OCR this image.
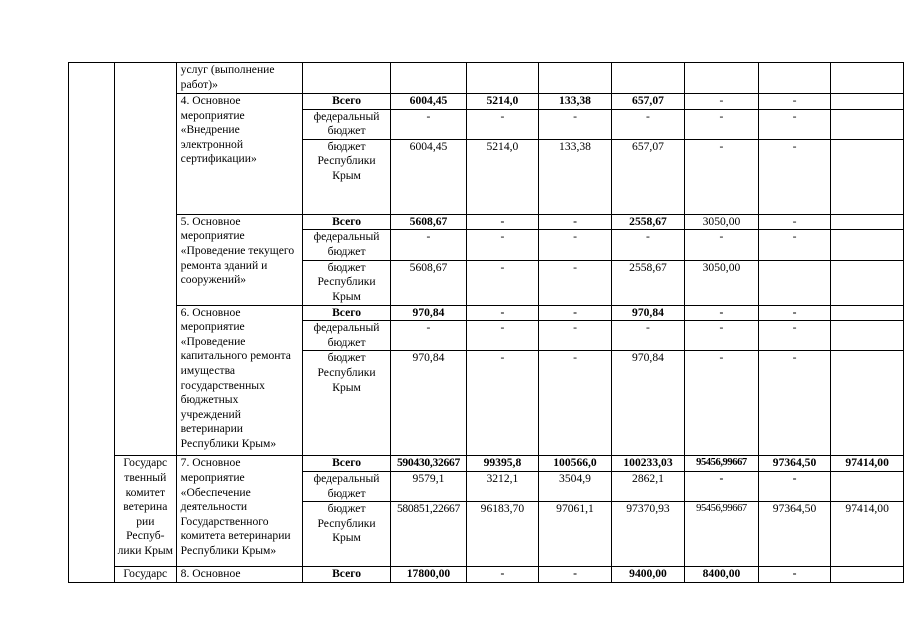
		услуг (выполнение работ)»								
		4. Основное мероприятие «Внедрение электронной сертификации»	Всего	6004,45	5214,0	133,38	657,07	-	-	
			федеральный бюджет	-	-	-	-	-	-	
			бюджет Республики Крым	6004,45	5214,0	133,38	657,07	-	-	
		5. Основное мероприятие «Проведение текущего ремонта зданий и сооружений»	Всего	5608,67	-	-	2558,67	3050,00	-	
			федеральный бюджет	-	-	-	-	-	-	
			бюджет Республики Крым	5608,67	-	-	2558,67	3050,00		
		6. Основное мероприятие «Проведение капитального ремонта имущества государственных бюджетных учреждений ветеринарии Республики Крым»	Всего	970,84	-	-	970,84	-	-	
			федеральный бюджет	-	-	-	-	-	-	
			бюджет Республики Крым	970,84	-	-	970,84	-	-	
	Государс твенный комитет ветерина рии Респуб- лики Крым	7. Основное мероприятие «Обеспечение деятельности Государственного комитета ветеринарии Республики Крым»	Всего	590430,32667	99395,8	100566,0	100233,03	95456,99667	97364,50	97414,00
			федеральный бюджет	9579,1	3212,1	3504,9	2862,1	-	-	
			бюджет Республики Крым	580851,22667	96183,70	97061,1	97370,93	95456,99667	97364,50	97414,00
	Государс	8. Основное	Всего	17800,00	-	-	9400,00	8400,00	-	
